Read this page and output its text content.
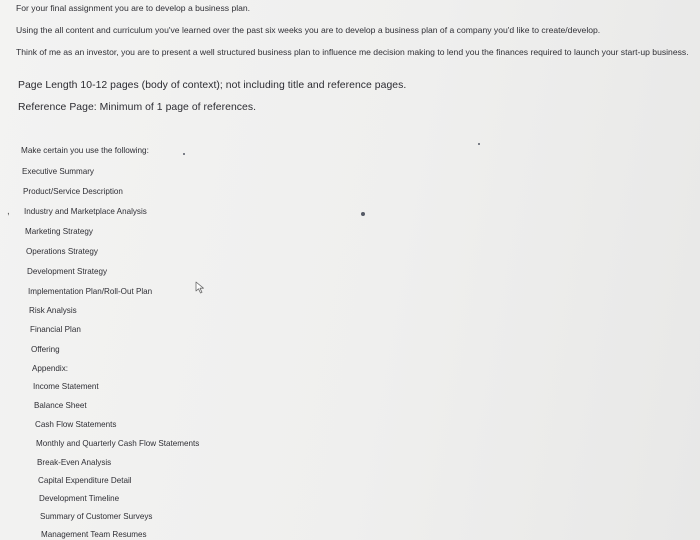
For your final assignment you are to develop a business plan.
Using the all content and curriculum you've learned over the past six weeks you are to develop a business plan of a company you'd like to create/develop.
Think of me as an investor, you are to present a well structured business plan to influence me decision making to lend you the finances required to launch your start-up business.
Page Length 10-12 pages (body of context); not including title and reference pages.
Reference Page: Minimum of 1 page of references.
Make certain you use the following:
Executive Summary
Product/Service Description
, Industry and Marketplace Analysis
Marketing Strategy
Operations Strategy
Development Strategy
Implementation Plan/Roll-Out Plan
Risk Analysis
Financial Plan
Offering
Appendix:
Income Statement
Balance Sheet
Cash Flow Statements
Monthly and Quarterly Cash Flow Statements
Break-Even Analysis
Capital Expenditure Detail
Development Timeline
Summary of Customer Surveys
Management Team Resumes
